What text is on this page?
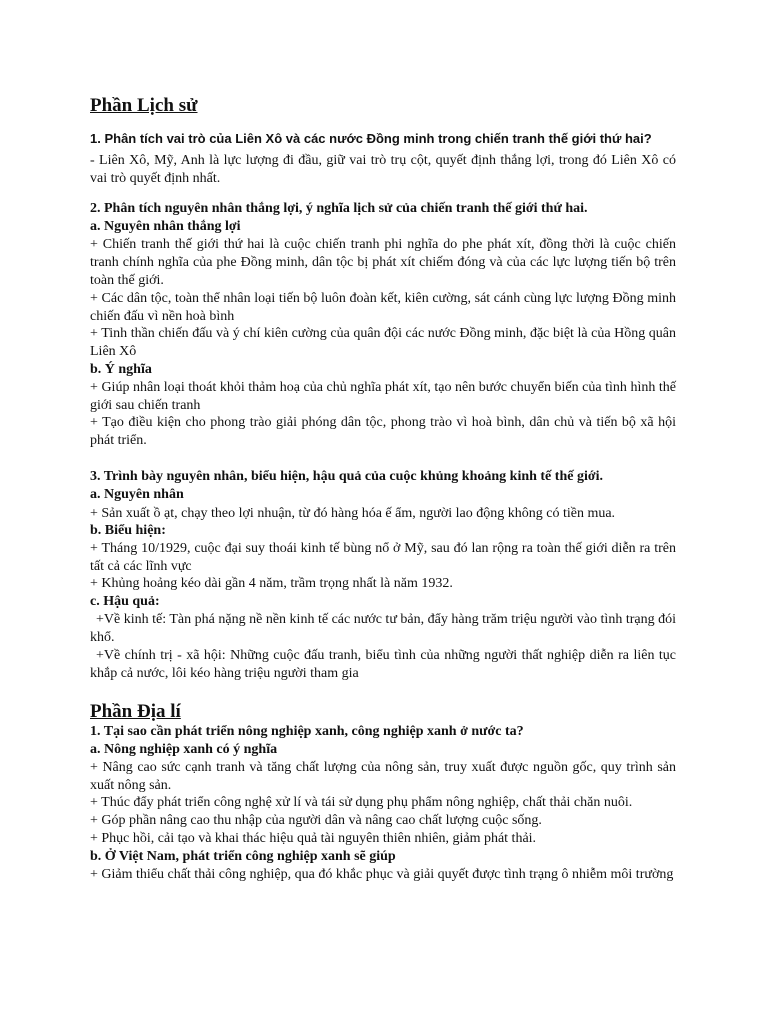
Phần Lịch sử
1. Phân tích vai trò của Liên Xô và các nước Đồng minh trong chiến tranh thế giới thứ hai?
- Liên Xô, Mỹ, Anh là lực lượng đi đầu, giữ vai trò trụ cột, quyết định thắng lợi, trong đó Liên Xô có vai trò quyết định nhất.
2. Phân tích nguyên nhân thắng lợi, ý nghĩa lịch sử của chiến tranh thế giới thứ hai.
a. Nguyên nhân thắng lợi
+ Chiến tranh thế giới thứ hai là cuộc chiến tranh phi nghĩa do phe phát xít, đồng thời là cuộc chiến tranh chính nghĩa của phe Đồng minh, dân tộc bị phát xít chiếm đóng và của các lực lượng tiến bộ trên toàn thế giới.
+ Các dân tộc, toàn thể nhân loại tiến bộ luôn đoàn kết, kiên cường, sát cánh cùng lực lượng Đồng minh chiến đấu vì nền hoà bình
+ Tinh thần chiến đấu và ý chí kiên cường của quân đội các nước Đồng minh, đặc biệt là của Hồng quân Liên Xô
b. Ý nghĩa
+ Giúp nhân loại thoát khỏi thảm hoạ của chủ nghĩa phát xít, tạo nên bước chuyển biến của tình hình thế giới sau chiến tranh
+ Tạo điều kiện cho phong trào giải phóng dân tộc, phong trào vì hoà bình, dân chủ và tiến bộ xã hội phát triển.
3. Trình bày nguyên nhân, biểu hiện, hậu quả của cuộc khủng khoảng kinh tế thế giới.
a. Nguyên nhân
+ Sản xuất ồ ạt, chạy theo lợi nhuận, từ đó hàng hóa ế ẩm, người lao động không có tiền mua.
b. Biểu hiện:
+ Tháng 10/1929, cuộc đại suy thoái kinh tế bùng nổ ở Mỹ, sau đó lan rộng ra toàn thế giới diễn ra trên tất cả các lĩnh vực
+ Khủng hoảng kéo dài gần 4 năm, trầm trọng nhất là năm 1932.
c. Hậu quả:
+Về kinh tế: Tàn phá nặng nề nền kinh tế các nước tư bản, đẩy hàng trăm triệu người vào tình trạng đói khổ.
+Về chính trị - xã hội: Những cuộc đấu tranh, biểu tình của những người thất nghiệp diễn ra liên tục khắp cả nước, lôi kéo hàng triệu người tham gia
Phần Địa lí
1. Tại sao cần phát triển nông nghiệp xanh, công nghiệp xanh ở nước ta?
a. Nông nghiệp xanh có ý nghĩa
+ Nâng cao sức cạnh tranh và tăng chất lượng của nông sản, truy xuất được nguồn gốc, quy trình sản xuất nông sản.
+ Thúc đẩy phát triển công nghệ xử lí và tái sử dụng phụ phẩm nông nghiệp, chất thải chăn nuôi.
+ Góp phần nâng cao thu nhập của người dân và nâng cao chất lượng cuộc sống.
+ Phục hồi, cải tạo và khai thác hiệu quả tài nguyên thiên nhiên, giảm phát thải.
b. Ở Việt Nam, phát triển công nghiệp xanh sẽ giúp
+ Giảm thiểu chất thải công nghiệp, qua đó khắc phục và giải quyết được tình trạng ô nhiễm môi trường
